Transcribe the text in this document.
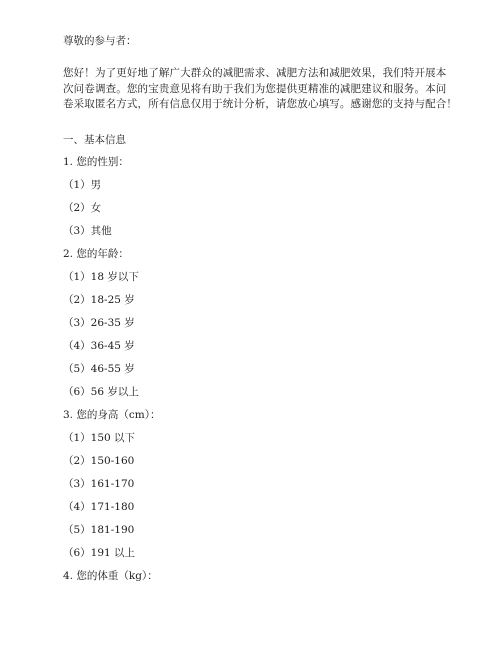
尊敬的参与者：
您好！为了更好地了解广大群众的减肥需求、减肥方法和减肥效果，我们特开展本
次问卷调查。您的宝贵意见将有助于我们为您提供更精准的减肥建议和服务。本问
卷采取匿名方式，所有信息仅用于统计分析，请您放心填写。感谢您的支持与配合！
一、基本信息
1. 您的性别：
（1）男
（2）女
（3）其他
2. 您的年龄：
（1）18 岁以下
（2）18-25 岁
（3）26-35 岁
（4）36-45 岁
（5）46-55 岁
（6）56 岁以上
3. 您的身高（cm）：
（1）150 以下
（2）150-160
（3）161-170
（4）171-180
（5）181-190
（6）191 以上
4. 您的体重（kg）：
